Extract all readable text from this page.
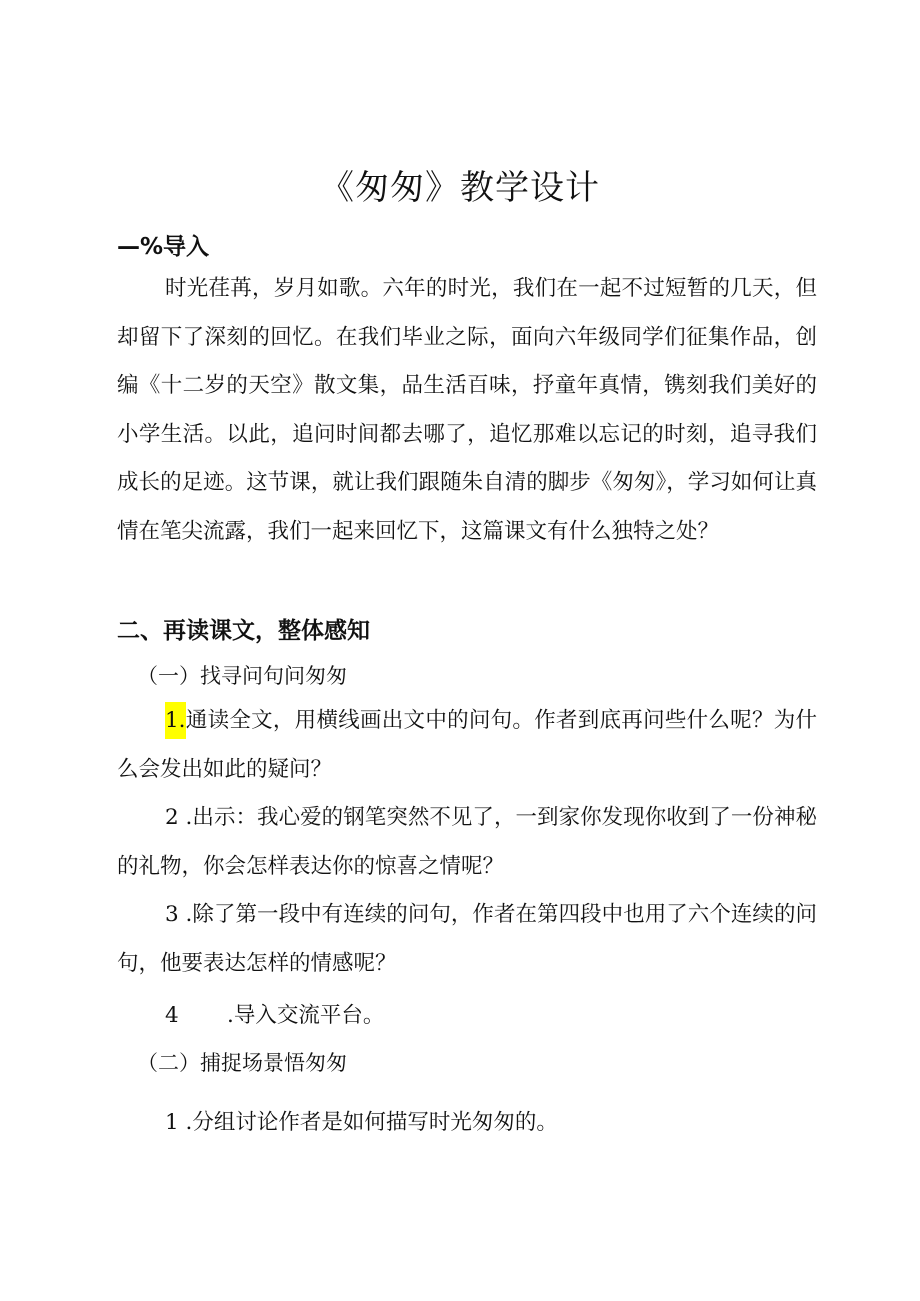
《匆匆》教学设计
—%导入

时光荏苒，岁月如歌。六年的时光，我们在一起不过短暂的几天，但却留下了深刻的回忆。在我们毕业之际，面向六年级同学们征集作品，创编《十二岁的天空》散文集，品生活百味，抒童年真情，镌刻我们美好的小学生活。以此，追问时间都去哪了，追忆那难以忘记的时刻，追寻我们成长的足迹。这节课，就让我们跟随朱自清的脚步《匆匆》，学习如何让真情在笔尖流露，我们一起来回忆下，这篇课文有什么独特之处？

二、再读课文，整体感知
（一）找寻问句问匆匆

1.通读全文，用横线画出文中的问句。作者到底再问些什么呢？为什么会发出如此的疑问？

2 .出示：我心爱的钢笔突然不见了，一到家你发现你收到了一份神秘的礼物，你会怎样表达你的惊喜之情呢？

3 .除了第一段中有连续的问句，作者在第四段中也用了六个连续的问句，他要表达怎样的情感呢？

4 .导入交流平台。
（二）捕捉场景悟匆匆
1 .分组讨论作者是如何描写时光匆匆的。
